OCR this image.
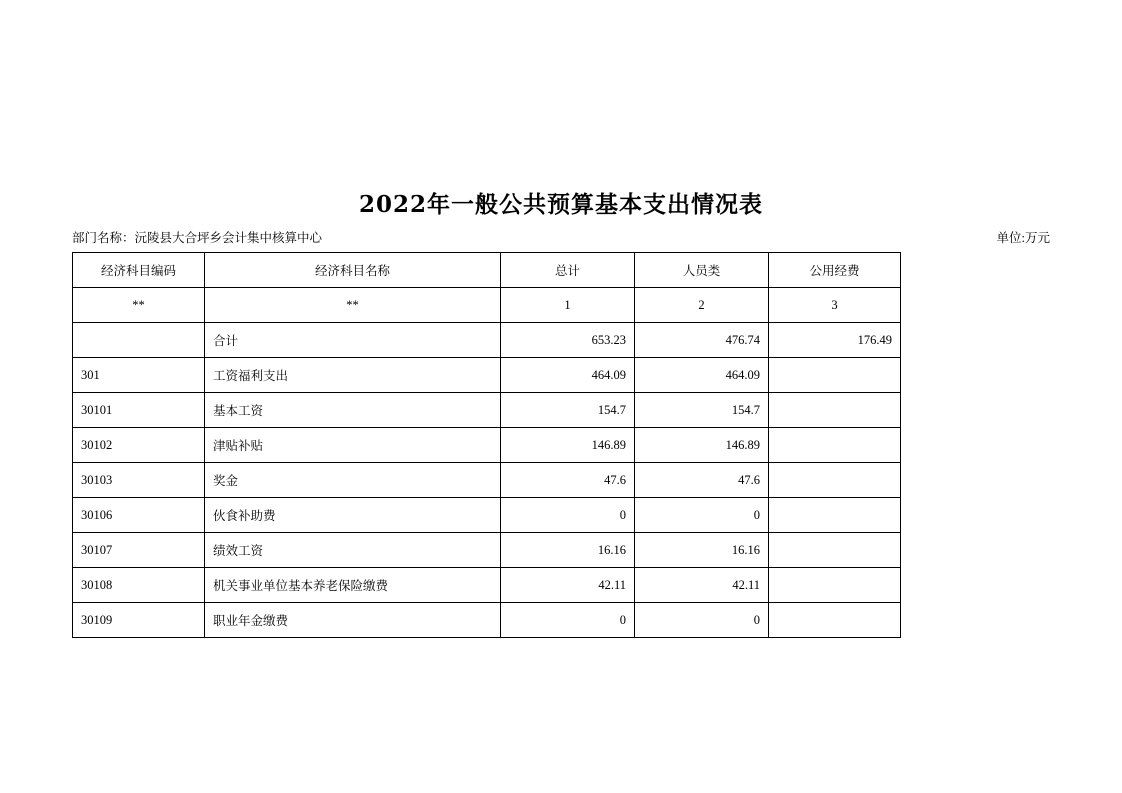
2022年一般公共预算基本支出情况表
部门名称：沅陵县大合坪乡会计集中核算中心	单位:万元
经济科目编码	经济科目名称	总计	人员类	公用经费
**	**	1	2	3
	合计	653.23	476.74	176.49
301	工资福利支出	464.09	464.09	
30101	基本工资	154.7	154.7	
30102	津贴补贴	146.89	146.89	
30103	奖金	47.6	47.6	
30106	伙食补助费	0	0	
30107	绩效工资	16.16	16.16	
30108	机关事业单位基本养老保险缴费	42.11	42.11	
30109	职业年金缴费	0	0	
